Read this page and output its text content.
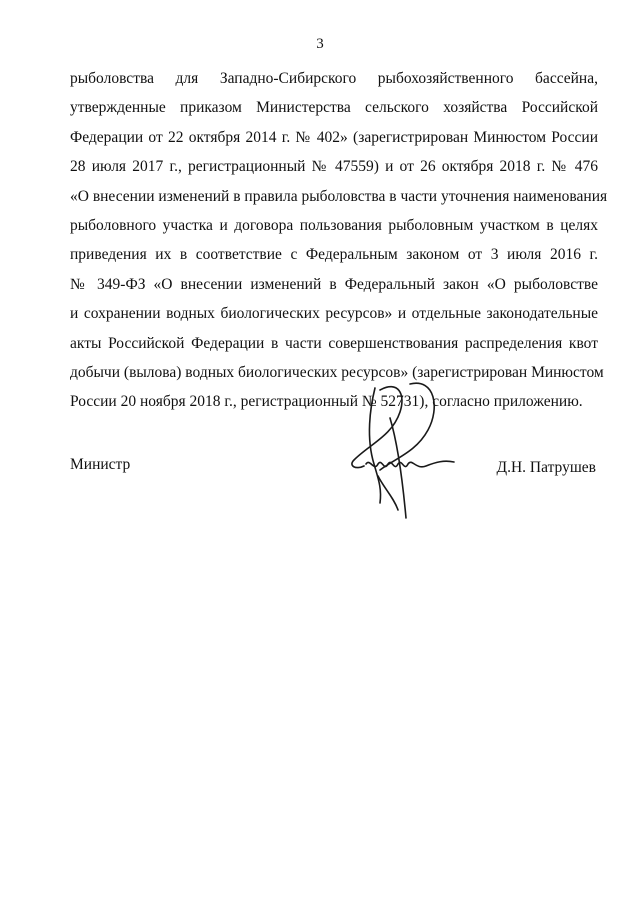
3
рыболовства для Западно-Сибирского рыбохозяйственного бассейна,
утвержденные приказом Министерства сельского хозяйства Российской
Федерации от 22 октября 2014 г. № 402» (зарегистрирован Минюстом России
28 июля 2017 г., регистрационный № 47559) и от 26 октября 2018 г. № 476
«О внесении изменений в правила рыболовства в части уточнения наименования
рыболовного участка и договора пользования рыболовным участком в целях
приведения их в соответствие с Федеральным законом от 3 июля 2016 г.
№ 349-ФЗ «О внесении изменений в Федеральный закон «О рыболовстве
и сохранении водных биологических ресурсов» и отдельные законодательные
акты Российской Федерации в части совершенствования распределения квот
добычи (вылова) водных биологических ресурсов» (зарегистрирован Минюстом
России 20 ноября 2018 г., регистрационный № 52731), согласно приложению.
Министр	Д.Н. Патрушев
